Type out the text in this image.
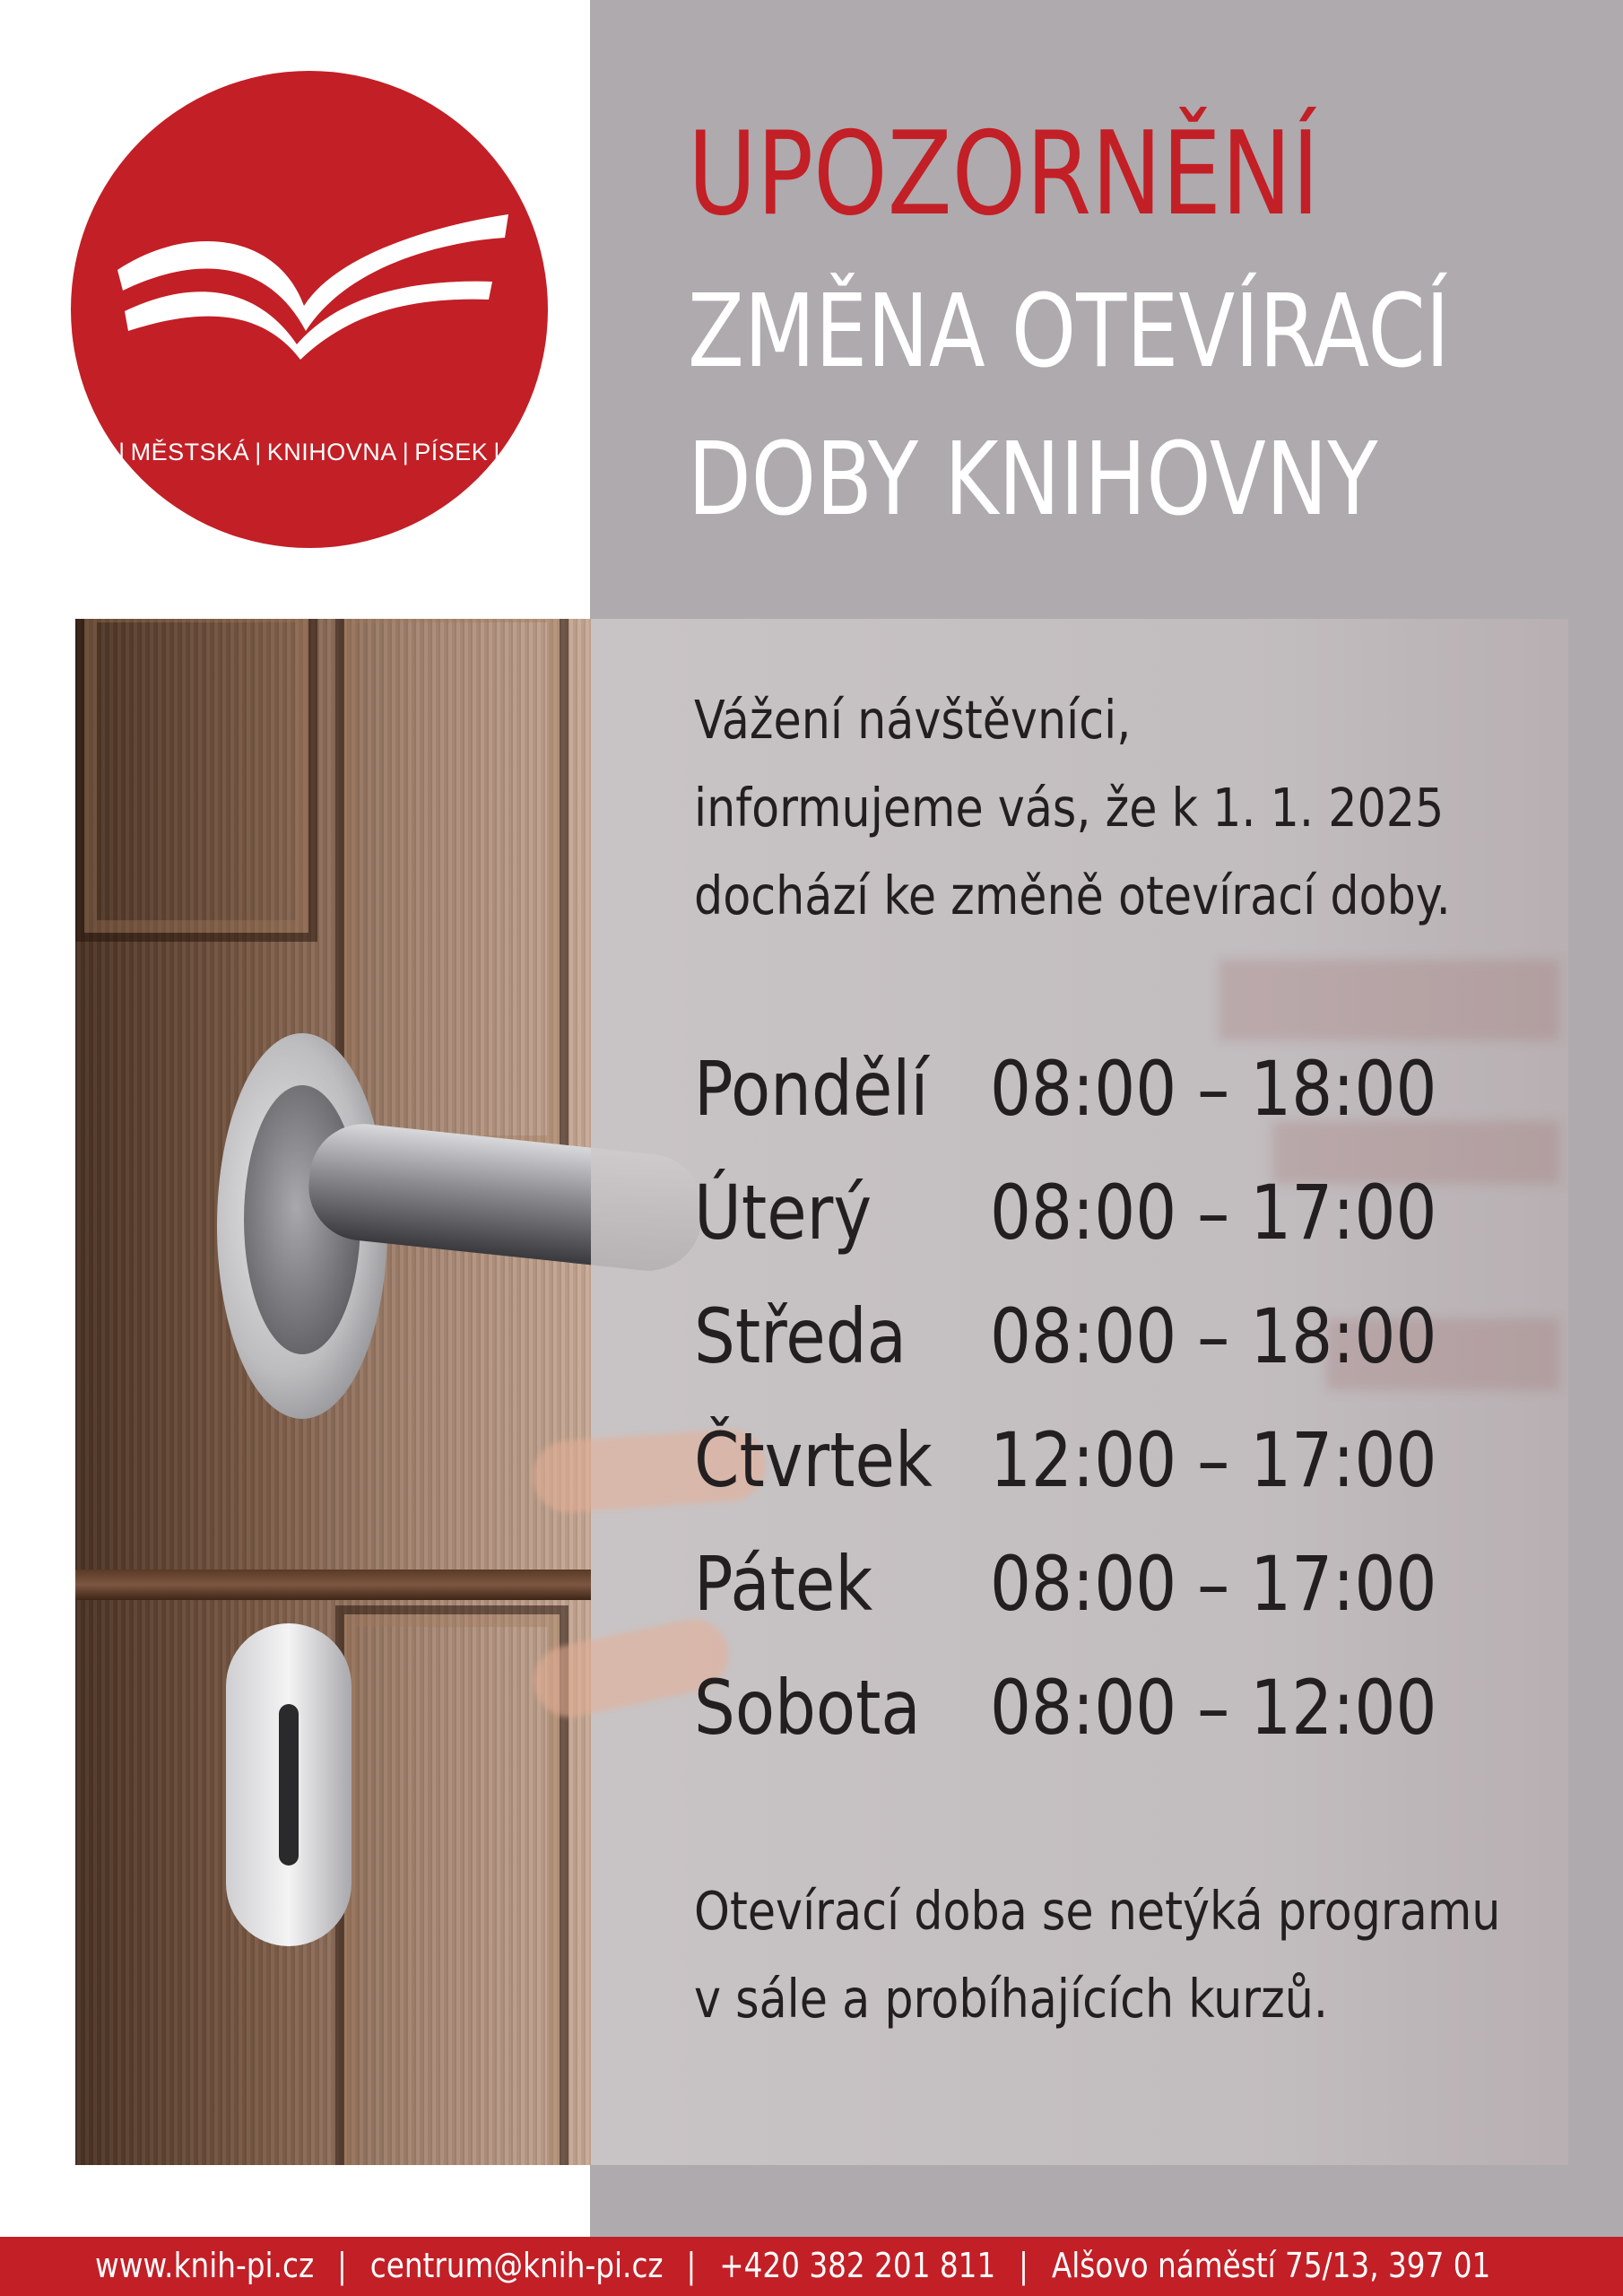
| MĚSTSKÁ | KNIHOVNA | PÍSEK |
UPOZORNĚNÍ
ZMĚNA OTEVÍRACÍ
DOBY KNIHOVNY
Vážení návštěvníci,
informujeme vás, že k 1. 1. 2025
dochází ke změně otevírací doby.
Pondělí 08:00 – 18:00
Úterý 08:00 – 17:00
Středa 08:00 – 18:00
Čtvrtek 12:00 – 17:00
Pátek 08:00 – 17:00
Sobota 08:00 – 12:00
Otevírací doba se netýká programu
v sále a probíhajících kurzů.
www.knih-pi.cz | centrum@knih-pi.cz | +420 382 201 811 | Alšovo náměstí 75/13, 397 01
